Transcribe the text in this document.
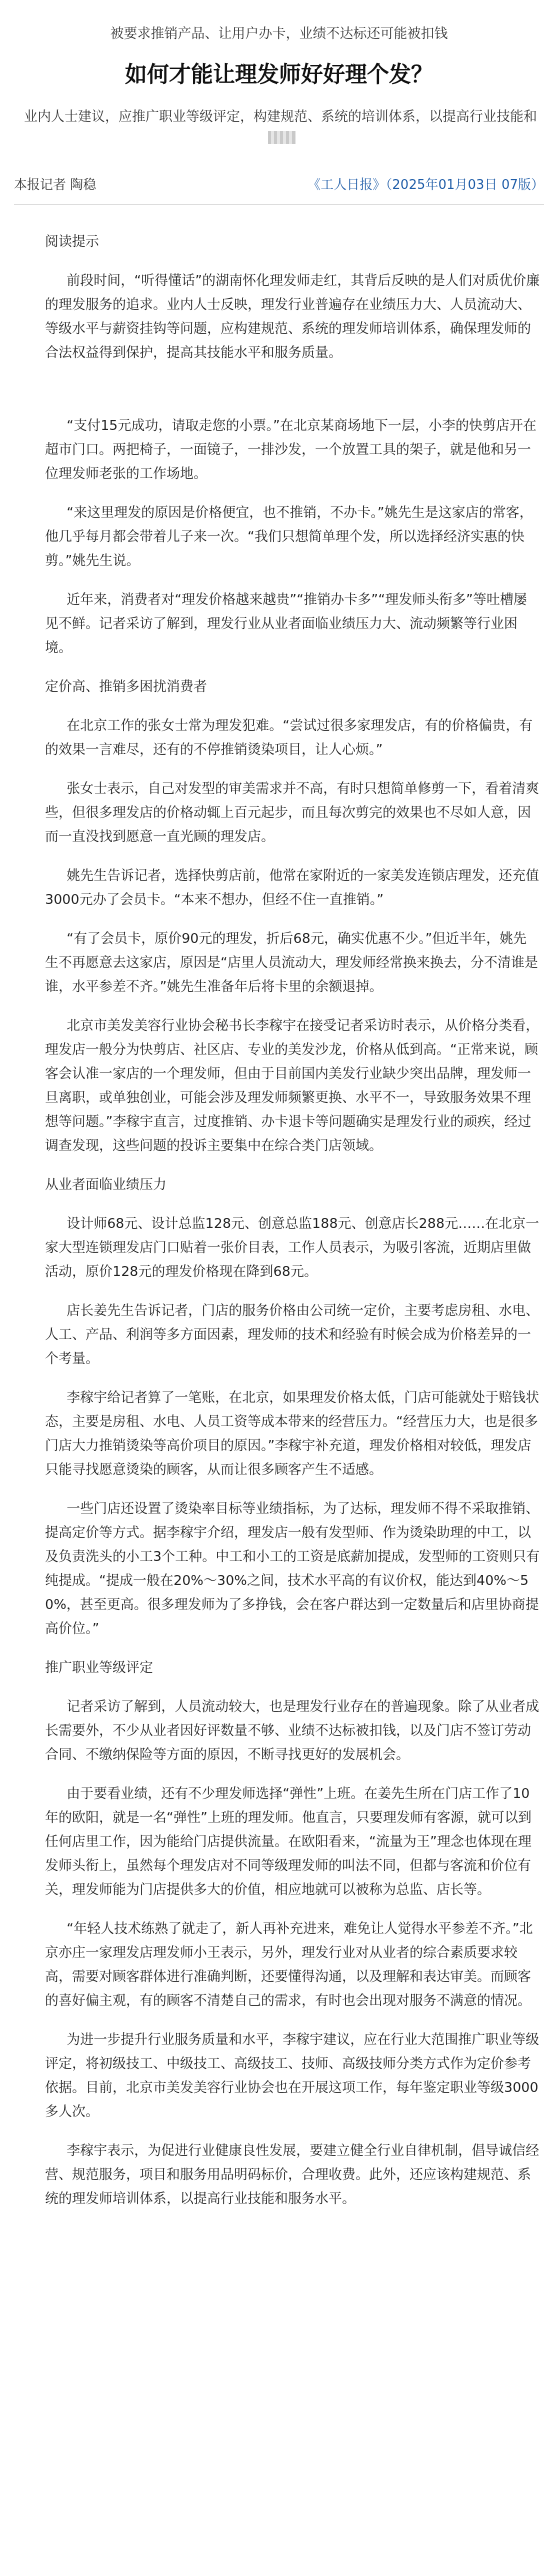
被要求推销产品、让用户办卡，业绩不达标还可能被扣钱
如何才能让理发师好好理个发？
业内人士建议，应推广职业等级评定，构建规范、系统的培训体系，以提高行业技能和
本报记者 陶稳	《工人日报》（2025年01月03日 07版）
阅读提示

前段时间，“听得懂话”的湖南怀化理发师走红，其背后反映的是人们对质优价廉的理发服务的追求。业内人士反映，理发行业普遍存在业绩压力大、人员流动大、等级水平与薪资挂钩等问题，应构建规范、系统的理发师培训体系，确保理发师的合法权益得到保护，提高其技能水平和服务质量。

“支付15元成功，请取走您的小票。”在北京某商场地下一层，小李的快剪店开在超市门口。两把椅子，一面镜子，一排沙发，一个放置工具的架子，就是他和另一位理发师老张的工作场地。

“来这里理发的原因是价格便宜，也不推销，不办卡。”姚先生是这家店的常客，他几乎每月都会带着儿子来一次。“我们只想简单理个发，所以选择经济实惠的快剪。”姚先生说。

近年来，消费者对“理发价格越来越贵”“推销办卡多”“理发师头衔多”等吐槽屡见不鲜。记者采访了解到，理发行业从业者面临业绩压力大、流动频繁等行业困境。

定价高、推销多困扰消费者

在北京工作的张女士常为理发犯难。“尝试过很多家理发店，有的价格偏贵，有的效果一言难尽，还有的不停推销烫染项目，让人心烦。”

张女士表示，自己对发型的审美需求并不高，有时只想简单修剪一下，看着清爽些，但很多理发店的价格动辄上百元起步，而且每次剪完的效果也不尽如人意，因而一直没找到愿意一直光顾的理发店。

姚先生告诉记者，选择快剪店前，他常在家附近的一家美发连锁店理发，还充值3000元办了会员卡。“本来不想办，但经不住一直推销。”

“有了会员卡，原价90元的理发，折后68元，确实优惠不少。”但近半年，姚先生不再愿意去这家店，原因是“店里人员流动大，理发师经常换来换去，分不清谁是谁，水平参差不齐。”姚先生准备年后将卡里的余额退掉。

北京市美发美容行业协会秘书长李稼宇在接受记者采访时表示，从价格分类看，理发店一般分为快剪店、社区店、专业的美发沙龙，价格从低到高。“正常来说，顾客会认准一家店的一个理发师，但由于目前国内美发行业缺少突出品牌，理发师一旦离职，或单独创业，可能会涉及理发师频繁更换、水平不一，导致服务效果不理想等问题。”李稼宇直言，过度推销、办卡退卡等问题确实是理发行业的顽疾，经过调查发现，这些问题的投诉主要集中在综合类门店领域。

从业者面临业绩压力

设计师68元、设计总监128元、创意总监188元、创意店长288元……在北京一家大型连锁理发店门口贴着一张价目表，工作人员表示，为吸引客流，近期店里做活动，原价128元的理发价格现在降到68元。

店长姜先生告诉记者，门店的服务价格由公司统一定价，主要考虑房租、水电、人工、产品、利润等多方面因素，理发师的技术和经验有时候会成为价格差异的一个考量。

李稼宇给记者算了一笔账，在北京，如果理发价格太低，门店可能就处于赔钱状态，主要是房租、水电、人员工资等成本带来的经营压力。“经营压力大，也是很多门店大力推销烫染等高价项目的原因。”李稼宇补充道，理发价格相对较低，理发店只能寻找愿意烫染的顾客，从而让很多顾客产生不适感。

一些门店还设置了烫染率目标等业绩指标，为了达标，理发师不得不采取推销、提高定价等方式。据李稼宇介绍，理发店一般有发型师、作为烫染助理的中工，以及负责洗头的小工3个工种。中工和小工的工资是底薪加提成，发型师的工资则只有纯提成。“提成一般在20%～30%之间，技术水平高的有议价权，能达到40%～50%，甚至更高。很多理发师为了多挣钱，会在客户群达到一定数量后和店里协商提高价位。”

推广职业等级评定

记者采访了解到，人员流动较大，也是理发行业存在的普遍现象。除了从业者成长需要外，不少从业者因好评数量不够、业绩不达标被扣钱，以及门店不签订劳动合同、不缴纳保险等方面的原因，不断寻找更好的发展机会。

由于要看业绩，还有不少理发师选择“弹性”上班。在姜先生所在门店工作了10年的欧阳，就是一名“弹性”上班的理发师。他直言，只要理发师有客源，就可以到任何店里工作，因为能给门店提供流量。在欧阳看来，“流量为王”理念也体现在理发师头衔上，虽然每个理发店对不同等级理发师的叫法不同，但都与客流和价位有关，理发师能为门店提供多大的价值，相应地就可以被称为总监、店长等。

“年轻人技术练熟了就走了，新人再补充进来，难免让人觉得水平参差不齐。”北京亦庄一家理发店理发师小王表示，另外，理发行业对从业者的综合素质要求较高，需要对顾客群体进行准确判断，还要懂得沟通，以及理解和表达审美。而顾客的喜好偏主观，有的顾客不清楚自己的需求，有时也会出现对服务不满意的情况。

为进一步提升行业服务质量和水平，李稼宇建议，应在行业大范围推广职业等级评定，将初级技工、中级技工、高级技工、技师、高级技师分类方式作为定价参考依据。目前，北京市美发美容行业协会也在开展这项工作，每年鉴定职业等级3000多人次。

李稼宇表示，为促进行业健康良性发展，要建立健全行业自律机制，倡导诚信经营、规范服务，项目和服务用品明码标价，合理收费。此外，还应该构建规范、系统的理发师培训体系，以提高行业技能和服务水平。
